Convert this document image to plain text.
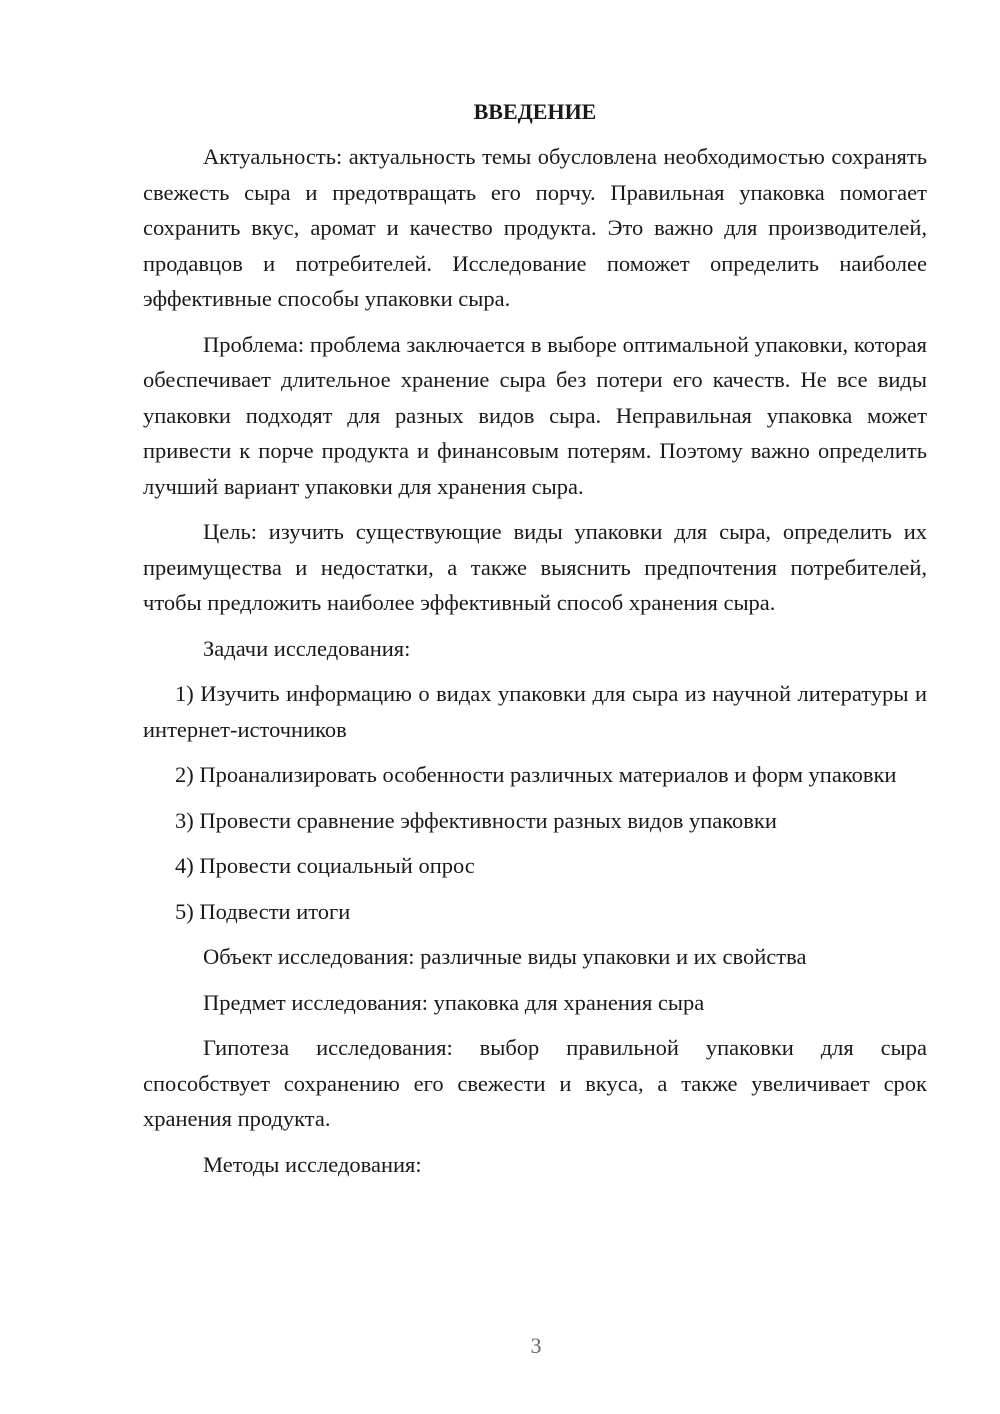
ВВЕДЕНИЕ

Актуальность: актуальность темы обусловлена необходимостью сохранять свежесть сыра и предотвращать его порчу. Правильная упаковка помогает сохранить вкус, аромат и качество продукта. Это важно для производителей, продавцов и потребителей. Исследование поможет определить наиболее эффективные способы упаковки сыра.

Проблема: проблема заключается в выборе оптимальной упаковки, которая обеспечивает длительное хранение сыра без потери его качеств. Не все виды упаковки подходят для разных видов сыра. Неправильная упаковка может привести к порче продукта и финансовым потерям. Поэтому важно определить лучший вариант упаковки для хранения сыра.

Цель: изучить существующие виды упаковки для сыра, определить их преимущества и недостатки, а также выяснить предпочтения потребителей, чтобы предложить наиболее эффективный способ хранения сыра.

Задачи исследования:

1) Изучить информацию о видах упаковки для сыра из научной литературы и интернет-источников

2) Проанализировать особенности различных материалов и форм упаковки

3) Провести сравнение эффективности разных видов упаковки

4) Провести социальный опрос

5) Подвести итоги

Объект исследования: различные виды упаковки и их свойства

Предмет исследования: упаковка для хранения сыра

Гипотеза исследования: выбор правильной упаковки для сыра способствует сохранению его свежести и вкуса, а также увеличивает срок хранения продукта.

Методы исследования:

3
